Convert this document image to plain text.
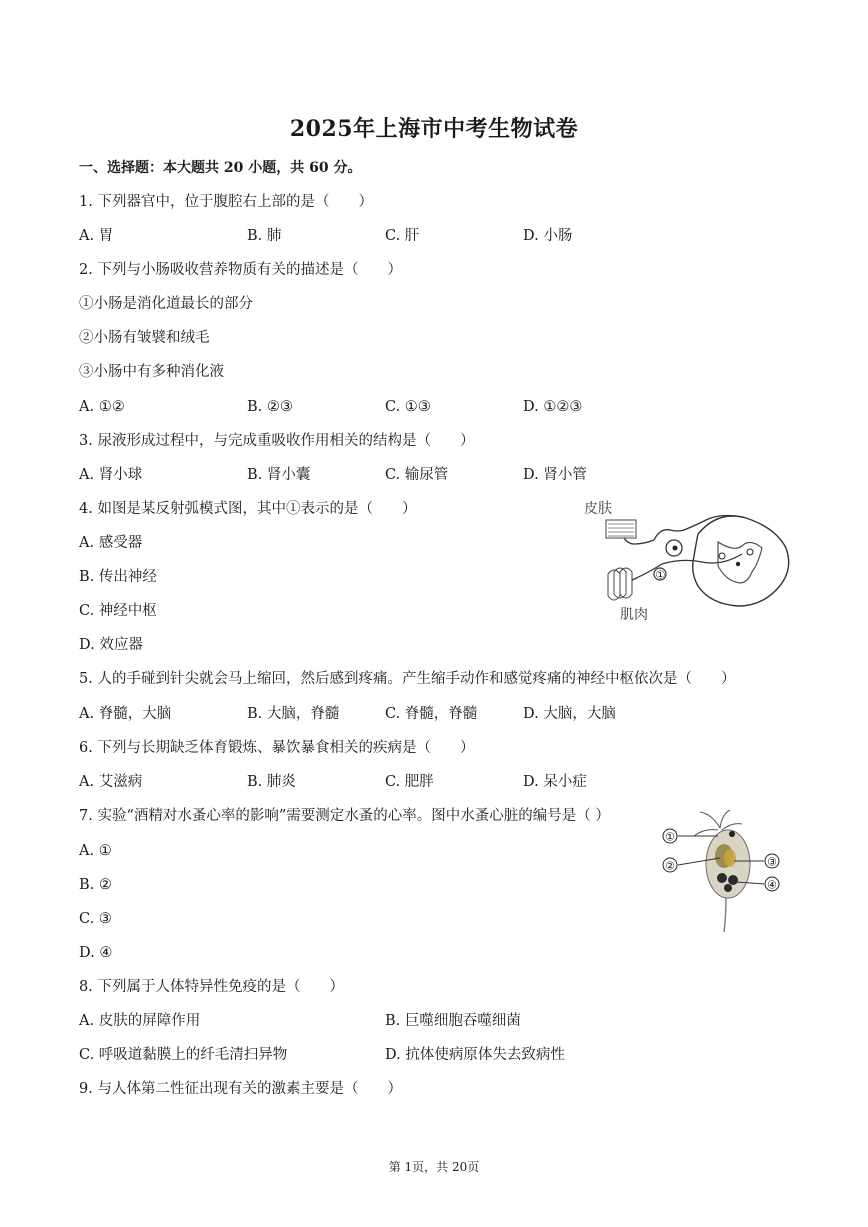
2025年上海市中考生物试卷
一、选择题：本大题共 20 小题，共 60 分。
1. 下列器官中，位于腹腔右上部的是（　　）
A. 胃	B. 肺	C. 肝	D. 小肠
2. 下列与小肠吸收营养物质有关的描述是（　　）
①小肠是消化道最长的部分
②小肠有皱襞和绒毛
③小肠中有多种消化液
A. ①②	B. ②③	C. ①③	D. ①②③
3. 尿液形成过程中，与完成重吸收作用相关的结构是（　　）
A. 肾小球	B. 肾小囊	C. 输尿管	D. 肾小管
4. 如图是某反射弧模式图，其中①表示的是（　　）
A. 感受器
B. 传出神经
C. 神经中枢
D. 效应器
皮肤
肌肉
①
5. 人的手碰到针尖就会马上缩回，然后感到疼痛。产生缩手动作和感觉疼痛的神经中枢依次是（　　）
A. 脊髓，大脑	B. 大脑，脊髓	C. 脊髓，脊髓	D. 大脑，大脑
6. 下列与长期缺乏体育锻炼、暴饮暴食相关的疾病是（　　）
A. 艾滋病	B. 肺炎	C. 肥胖	D. 呆小症
7. 实验“酒精对水蚤心率的影响”需要测定水蚤的心率。图中水蚤心脏的编号是（ ）
A. ①
B. ②
C. ③
D. ④
①
②	③
④
8. 下列属于人体特异性免疫的是（　　）
A. 皮肤的屏障作用	B. 巨噬细胞吞噬细菌
C. 呼吸道黏膜上的纤毛清扫异物	D. 抗体使病原体失去致病性
9. 与人体第二性征出现有关的激素主要是（　　）
第 1页，共 20页
